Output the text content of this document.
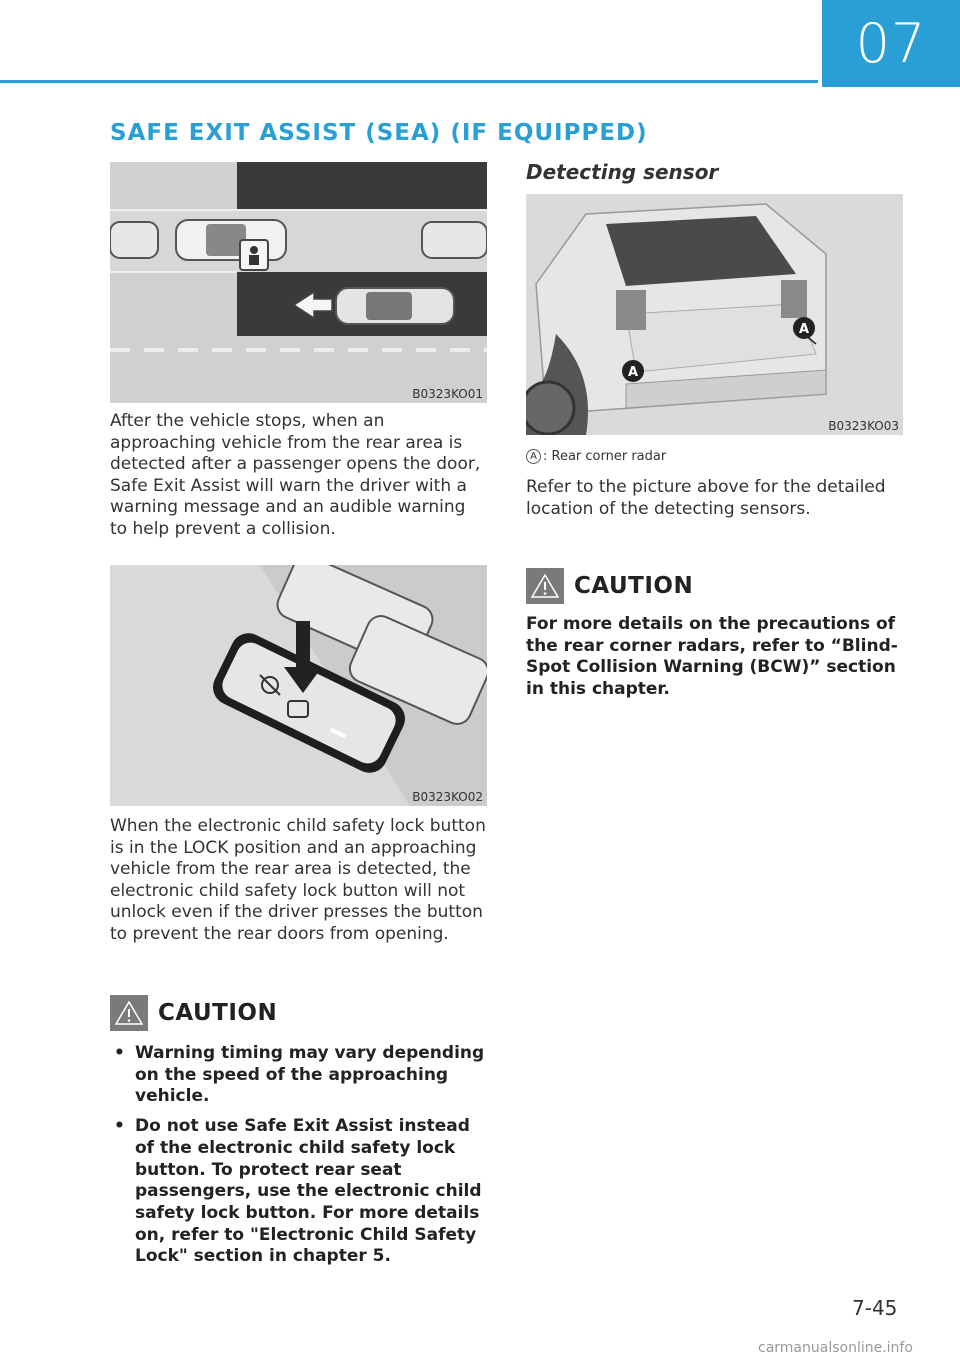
07
SAFE EXIT ASSIST (SEA) (IF EQUIPPED)
B0323KO01

After the vehicle stops, when an approaching vehicle from the rear area is detected after a passenger opens the door, Safe Exit Assist will warn the driver with a warning message and an audible warning to help prevent a collision.

B0323KO02

When the electronic child safety lock button is in the LOCK position and an approaching vehicle from the rear area is detected, the electronic child safety lock button will not unlock even if the driver presses the button to prevent the rear doors from opening.

CAUTION
• Warning timing may vary depending on the speed of the approaching vehicle.
• Do not use Safe Exit Assist instead of the electronic child safety lock button. To protect rear seat passengers, use the electronic child safety lock button. For more details on, refer to "Electronic Child Safety Lock" section in chapter 5.
Detecting sensor
A
A
B0323KO03
A : Rear corner radar

Refer to the picture above for the detailed location of the detecting sensors.

CAUTION

For more details on the precautions of the rear corner radars, refer to “Blind-Spot Collision Warning (BCW)” section in this chapter.

7-45
carmanualsonline.info
